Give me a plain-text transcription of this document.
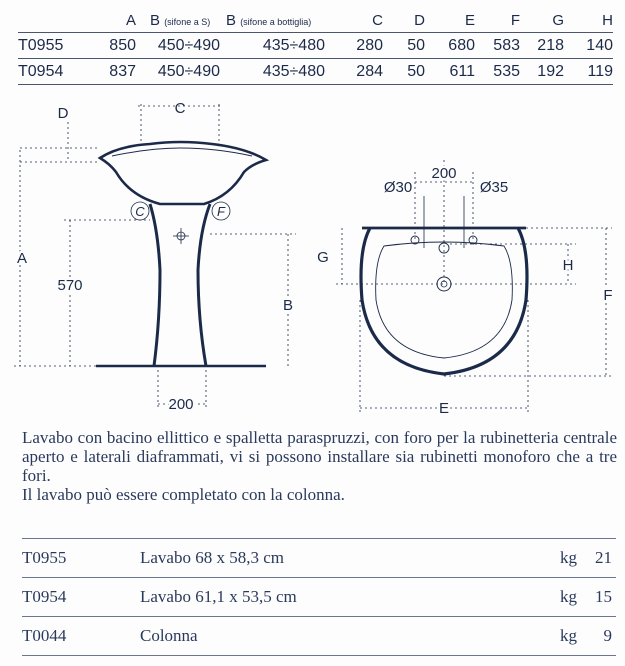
	A	B (sifone a S)	B (sifone a bottiglia)	C	D	E	F	G	H
T0955	850	450÷490	435÷480	280	50	680	583	218	140
T0954	837	450÷490	435÷480	284	50	611	535	192	119
C
D
A
570
B
C	F
200
200
Ø30	Ø35
G	H
F
E

Lavabo con bacino ellittico e spalletta paraspruzzi, con foro per la rubinetteria centrale aperto e laterali diaframmati, vi si possono installare sia rubinetti monoforo che a tre fori.

Il lavabo può essere completato con la colonna.

T0955	Lavabo 68 x 58,3 cm	kg 21
T0954	Lavabo 61,1 x 53,5 cm	kg 15
T0044	Colonna	kg 9
